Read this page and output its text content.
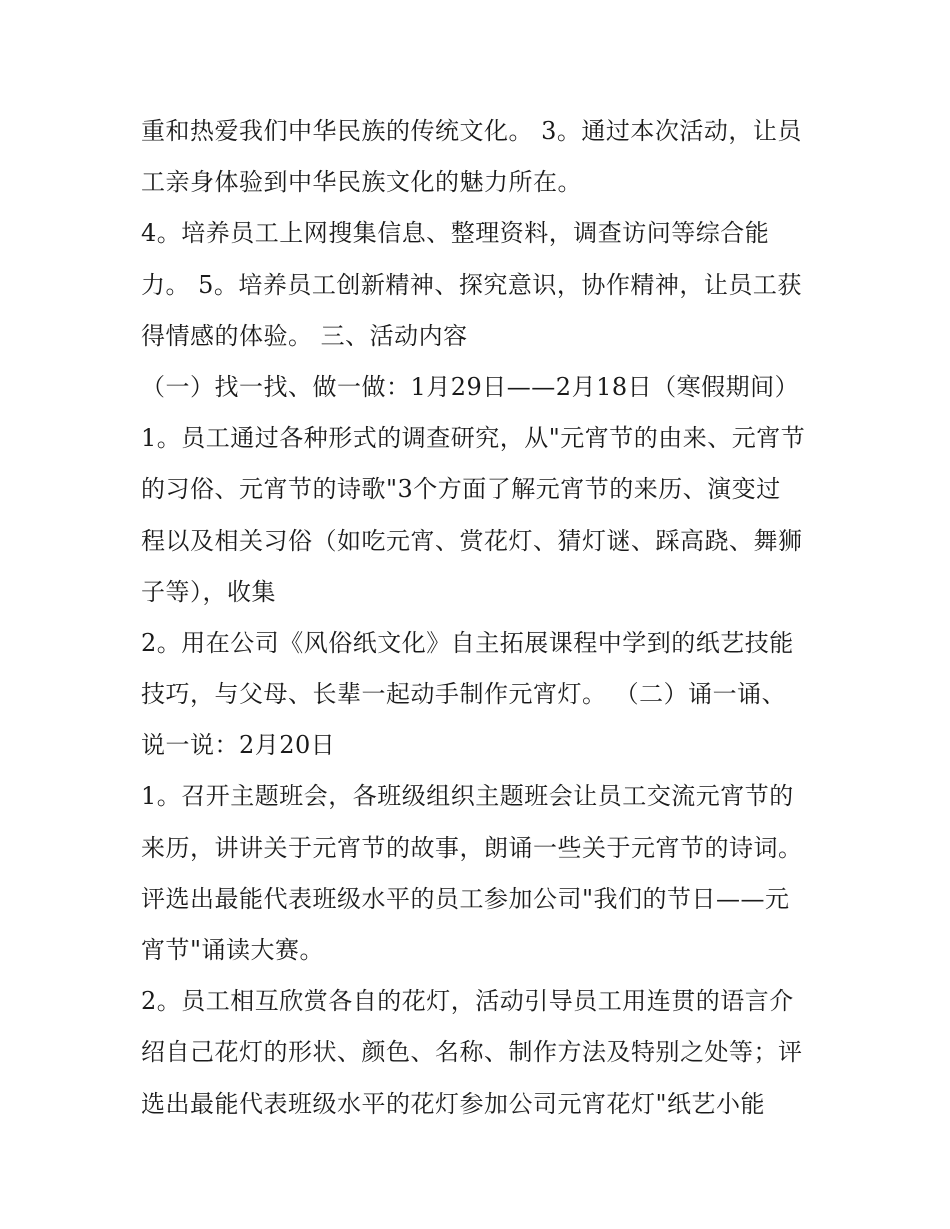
重和热爱我们中华民族的传统文化。 3。通过本次活动，让员
工亲身体验到中华民族文化的魅力所在。
4。培养员工上网搜集信息、整理资料，调查访问等综合能
力。 5。培养员工创新精神、探究意识，协作精神，让员工获
得情感的体验。 三、活动内容
（一）找一找、做一做：1月29日——2月18日（寒假期间）
1。员工通过各种形式的调查研究，从"元宵节的由来、元宵节
的习俗、元宵节的诗歌"3个方面了解元宵节的来历、演变过
程以及相关习俗（如吃元宵、赏花灯、猜灯谜、踩高跷、舞狮
子等），收集
2。用在公司《风俗纸文化》自主拓展课程中学到的纸艺技能
技巧，与父母、长辈一起动手制作元宵灯。 （二）诵一诵、
说一说：2月20日
1。召开主题班会，各班级组织主题班会让员工交流元宵节的
来历，讲讲关于元宵节的故事，朗诵一些关于元宵节的诗词。
评选出最能代表班级水平的员工参加公司"我们的节日——元
宵节"诵读大赛。
2。员工相互欣赏各自的花灯，活动引导员工用连贯的语言介
绍自己花灯的形状、颜色、名称、制作方法及特别之处等；评
选出最能代表班级水平的花灯参加公司元宵花灯"纸艺小能
